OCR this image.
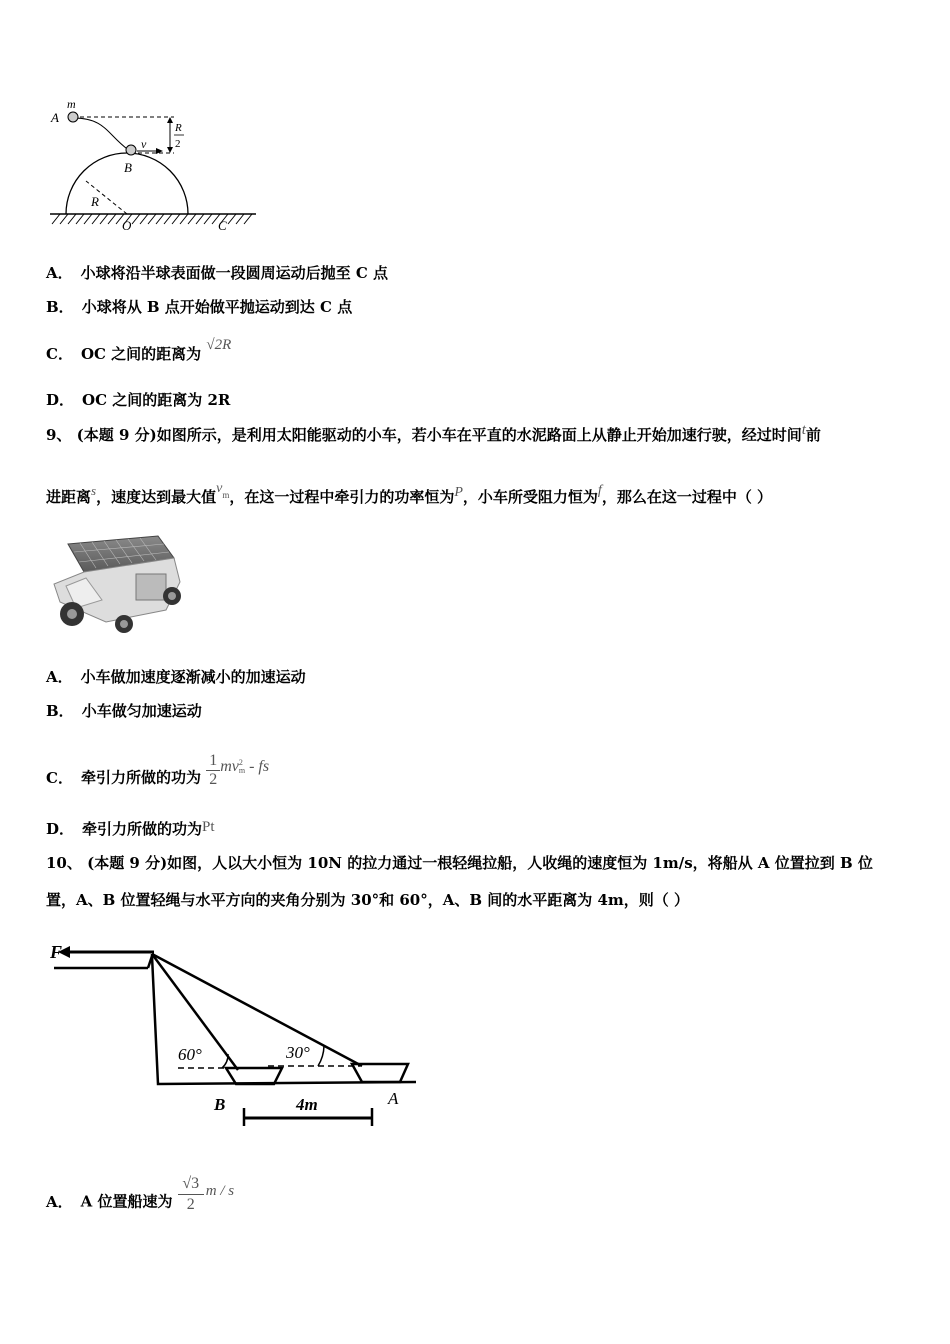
m
A
v
B
R
2
R
O	C
A． 小球将沿半球表面做一段圆周运动后抛至 C 点
B． 小球将从 B 点开始做平抛运动到达 C 点
C． OC 之间的距离为 √2R
D． OC 之间的距离为 2R
9、 (本题 9 分)如图所示，是利用太阳能驱动的小车，若小车在平直的水泥路面上从静止开始加速行驶，经过时间t前
进距离s，速度达到最大值$v^m$，在这一过程中牵引力的功率恒为P，小车所受阻力恒为f，那么在这一过程中（ ）
A． 小车做加速度逐渐减小的加速运动
B． 小车做匀加速运动
C． 牵引力所做的功为 $\frac{1}{2}$ mv 2
m - fs
D． 牵引力所做的功为Pt
10、 (本题 9 分)如图，人以大小恒为 10N 的拉力通过一根轻绳拉船，人收绳的速度恒为 1m/s，将船从 A 位置拉到 B 位
置，A、B 位置轻绳与水平方向的夹角分别为 30°和 60°，A、B 间的水平距离为 4m，则（ ）
F
60°	30°
B	A
4m
A． A 位置船速为 $\frac{√3}{2}$ m / s
